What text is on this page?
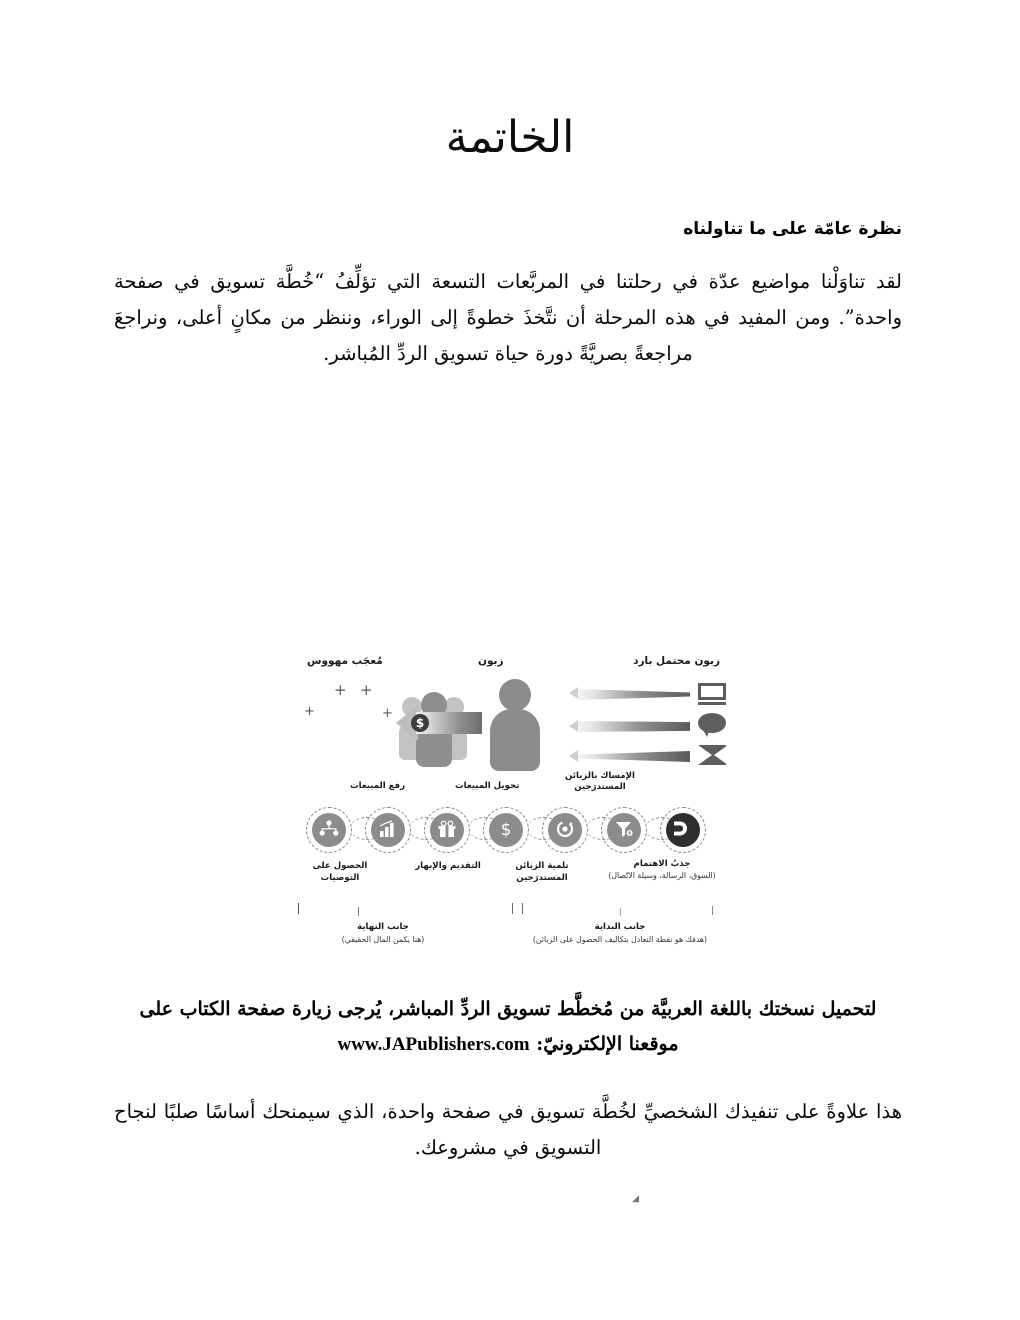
الخاتمة
نظرة عامّة على ما تناولناه
لقد تناوَلْنا مواضيع عدّة في رحلتنا في المربَّعات التسعة التي تؤلِّفُ “خُطَّة تسويق في صفحة واحدة”. ومن المفيد في هذه المرحلة أن نتَّخذَ خطوةً إلى الوراء، وننظر من مكانٍ أعلى، ونراجعَ مراجعةً بصريَّةً دورة حياة تسويق الردِّ المُباشر.
مُعجَب مهووس	زبون	زبون محتمل بارد
+ +
+	+
$
رفع المبيعات	تحويل المبيعات
الإمساك بالزبائن المستدرَجين
$
الحصول على التوصيات
التقديم والإبهار	تلمية الزبائن المستدرَجين
جذبُ الاهتمام
(السوق، الرسالة، وسيلة الاتّصال)
جانب النهاية
(هنا يكمن المال الحقيقي)
جانب البداية
(هدفك هو نقطة التعادل بتكاليف الحصول على الزبائن)
لتحميل نسختك باللغة العربيَّة من مُخطَّط تسويق الردِّ المباشر، يُرجى زيارة صفحة الكتاب على موقعنا الإلكترونيّ: www.JAPublishers.com
هذا علاوةً على تنفيذك الشخصيِّ لخُطَّة تسويق في صفحة واحدة، الذي سيمنحك أساسًا صلبًا لنجاح التسويق في مشروعك.
◢
